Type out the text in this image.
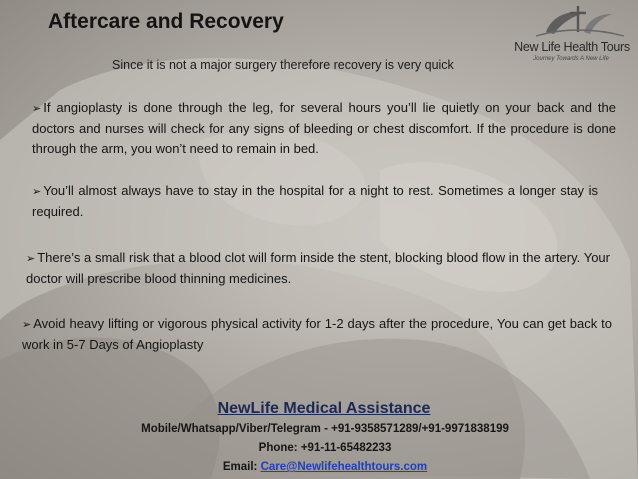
Aftercare and Recovery
New Life Health Tours
Journey Towards A New Life
Since it is not a major surgery therefore recovery is very quick
➢ If angioplasty is done through the leg, for several hours you’ll lie quietly on your back and the doctors and nurses will check for any signs of bleeding or chest discomfort. If the procedure is done through the arm, you won’t need to remain in bed.
➢ You’ll almost always have to stay in the hospital for a night to rest. Sometimes a longer stay is required.
➢ There’s a small risk that a blood clot will form inside the stent, blocking blood flow in the artery. Your doctor will prescribe blood thinning medicines.
➢ Avoid heavy lifting or vigorous physical activity for 1-2 days after the procedure, You can get back to work in 5-7 Days of Angioplasty
NewLife Medical Assistance
Mobile/Whatsapp/Viber/Telegram - +91-9358571289/+91-9971838199
Phone: +91-11-65482233
Email: Care@Newlifehealthtours.com
